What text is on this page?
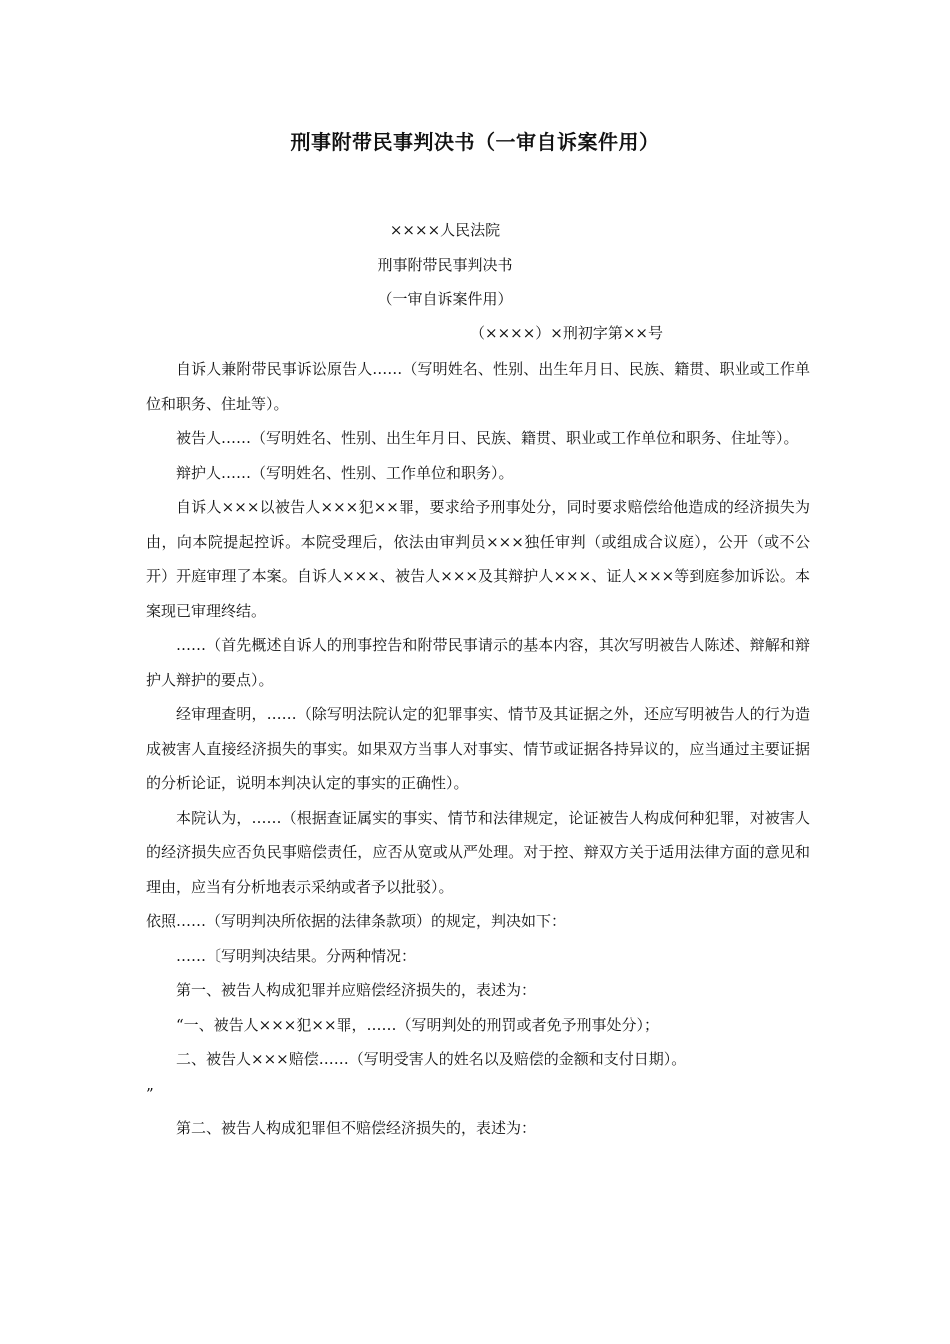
刑事附带民事判决书（一审自诉案件用）
××××人民法院
刑事附带民事判决书
（一审自诉案件用）
（××××）×刑初字第××号

自诉人兼附带民事诉讼原告人……（写明姓名、性别、出生年月日、民族、籍贯、职业或工作单位和职务、住址等）。

被告人……（写明姓名、性别、出生年月日、民族、籍贯、职业或工作单位和职务、住址等）。

辩护人……（写明姓名、性别、工作单位和职务）。

自诉人×××以被告人×××犯××罪，要求给予刑事处分，同时要求赔偿给他造成的经济损失为由，向本院提起控诉。本院受理后，依法由审判员×××独任审判（或组成合议庭），公开（或不公开）开庭审理了本案。自诉人×××、被告人×××及其辩护人×××、证人×××等到庭参加诉讼。本案现已审理终结。

……（首先概述自诉人的刑事控告和附带民事请示的基本内容，其次写明被告人陈述、辩解和辩护人辩护的要点）。

经审理查明，……（除写明法院认定的犯罪事实、情节及其证据之外，还应写明被告人的行为造成被害人直接经济损失的事实。如果双方当事人对事实、情节或证据各持异议的，应当通过主要证据的分析论证，说明本判决认定的事实的正确性）。

本院认为，……（根据查证属实的事实、情节和法律规定，论证被告人构成何种犯罪，对被害人的经济损失应否负民事赔偿责任，应否从宽或从严处理。对于控、辩双方关于适用法律方面的意见和理由，应当有分析地表示采纳或者予以批驳）。

依照……（写明判决所依据的法律条款项）的规定，判决如下：

……〔写明判决结果。分两种情况：

第一、被告人构成犯罪并应赔偿经济损失的，表述为：

“一、被告人×××犯××罪，……（写明判处的刑罚或者免予刑事处分）；

二、被告人×××赔偿……（写明受害人的姓名以及赔偿的金额和支付日期）。

”

第二、被告人构成犯罪但不赔偿经济损失的，表述为：
